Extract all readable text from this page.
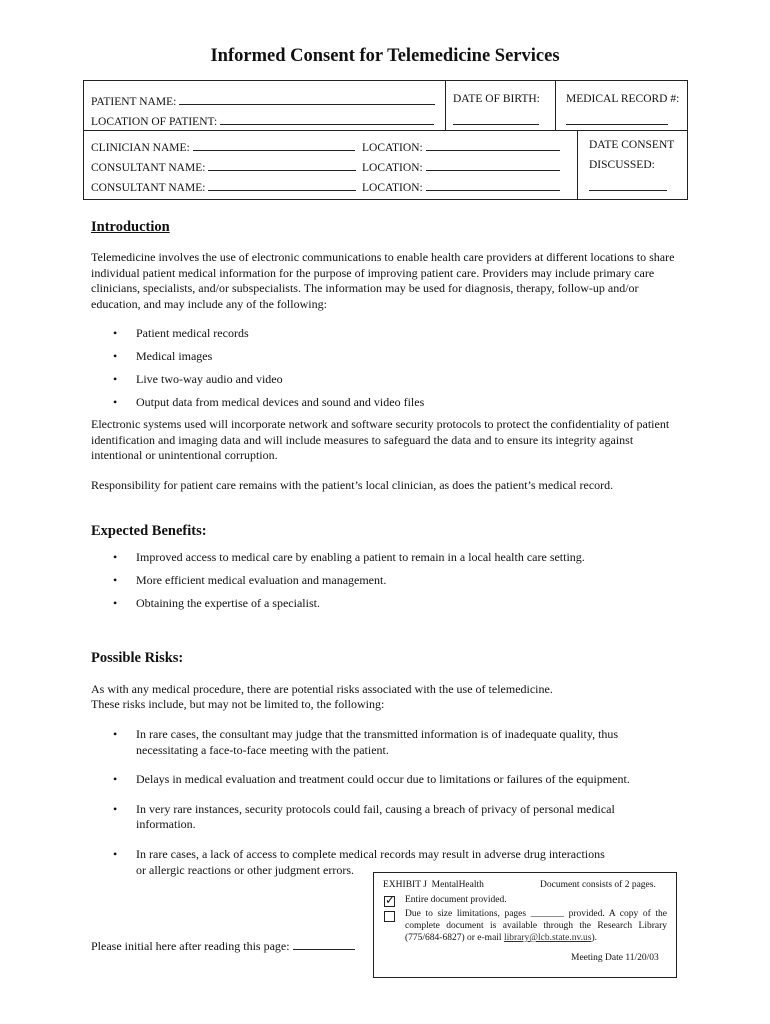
Informed Consent for Telemedicine Services
PATIENT NAME:
LOCATION OF PATIENT:
DATE OF BIRTH: MEDICAL RECORD #:
CLINICIAN NAME:
CONSULTANT NAME:
CONSULTANT NAME:
LOCATION:
LOCATION:
LOCATION:
DATE CONSENT
DISCUSSED:
Introduction
Telemedicine involves the use of electronic communications to enable health care providers at different locations to share individual patient medical information for the purpose of improving patient care. Providers may include primary care clinicians, specialists, and/or subspecialists. The information may be used for diagnosis, therapy, follow-up and/or education, and may include any of the following:
• Patient medical records
• Medical images
• Live two-way audio and video
• Output data from medical devices and sound and video files
Electronic systems used will incorporate network and software security protocols to protect the confidentiality of patient identification and imaging data and will include measures to safeguard the data and to ensure its integrity against intentional or unintentional corruption.
Responsibility for patient care remains with the patient’s local clinician, as does the patient’s medical record.
Expected Benefits:
• Improved access to medical care by enabling a patient to remain in a local health care setting.
• More efficient medical evaluation and management.
• Obtaining the expertise of a specialist.
Possible Risks:
As with any medical procedure, there are potential risks associated with the use of telemedicine.
These risks include, but may not be limited to, the following:
• In rare cases, the consultant may judge that the transmitted information is of inadequate quality, thus necessitating a face-to-face meeting with the patient.
• Delays in medical evaluation and treatment could occur due to limitations or failures of the equipment.
• In very rare instances, security protocols could fail, causing a breach of privacy of personal medical information.
• In rare cases, a lack of access to complete medical records may result in adverse drug interactions or allergic reactions or other judgment errors.
Please initial here after reading this page:
EXHIBIT J MentalHealth	Document consists of 2 pages.
✓ Entire document provided.
Due to size limitations, pages _______ provided. A copy of the complete document is available through the Research Library (775/684-6827) or e-mail library@lcb.state.nv.us).
Meeting Date 11/20/03
